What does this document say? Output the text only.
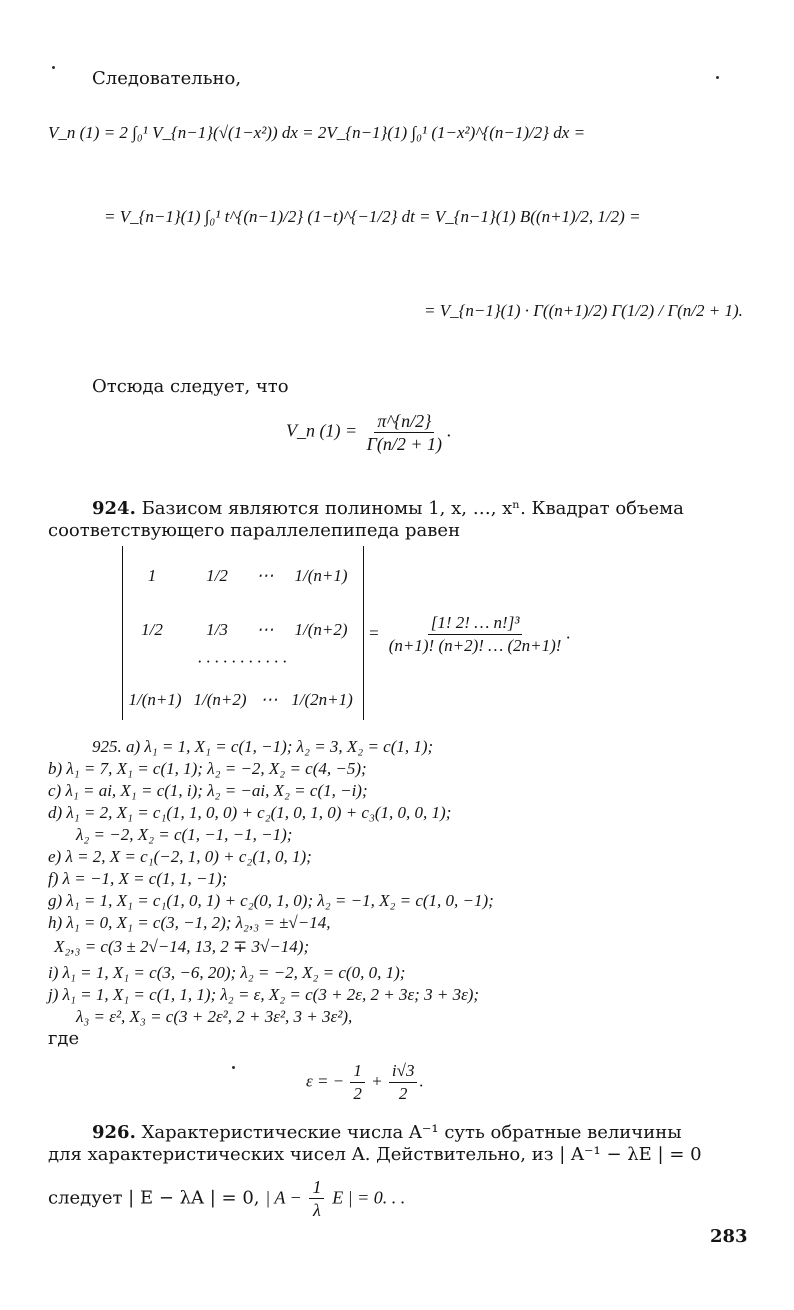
Следовательно,
V_n (1) = 2 ∫₀¹ V_{n−1}(√(1−x²)) dx = 2V_{n−1}(1) ∫₀¹ (1−x²)^{(n−1)/2} dx =
= V_{n−1}(1) ∫₀¹ t^{(n−1)/2} (1−t)^{−1/2} dt = V_{n−1}(1) B((n+1)/2, 1/2) =
= V_{n−1}(1) · Γ((n+1)/2) Γ(1/2) / Γ(n/2 + 1).
Отсюда следует, что
V_n $(1) = \frac{\pi\^{}\{n/2\}}{\Gamma(n/2 + 1)}$ .
924. Базисом являются полиномы 1, x, …, xⁿ. Квадрат объема
соответствующего параллелепипеда равен
1	1/2	⋯	1/(n+1)
1/2	1/3	⋯	1/(n+2)
· · · · · · · · · · ·
1/(n+1) 1/(n+2) ⋯ 1/(2n+1)
= $\frac{\text{[1! 2! … n!]³}}{(n+1)! (n+2)! \dots (2n+1)!}$ .
925. a) λ₁ = 1, X₁ = c(1, −1); λ₂ = 3, X₂ = c(1, 1);
b) λ₁ = 7, X₁ = c(1, 1); λ₂ = −2, X₂ = c(4, −5);
c) λ₁ = ai, X₁ = c(1, i); λ₂ = −ai, X₂ = c(1, −i);
d) λ₁ = 2, X₁ = c₁(1, 1, 0, 0) + c₂(1, 0, 1, 0) + c₃(1, 0, 0, 1);
λ₂ = −2, X₂ = c(1, −1, −1, −1);
e) λ = 2, X = c₁(−2, 1, 0) + c₂(1, 0, 1);
f) λ = −1, X = c(1, 1, −1);
g) λ₁ = 1, X₁ = c₁(1, 0, 1) + c₂(0, 1, 0); λ₂ = −1, X₂ = c(1, 0, −1);
h) λ₁ = 0, X₁ = c(3, −1, 2); λ₂,₃ = ±√−14,
X₂,₃ = c(3 ± 2√−14, 13, 2 ∓ 3√−14);
i) λ₁ = 1, X₁ = c(3, −6, 20); λ₂ = −2, X₂ = c(0, 0, 1);
j) λ₁ = 1, X₁ = c(1, 1, 1); λ₂ = ε, X₂ = c(3 + 2ε, 2 + 3ε; 3 + 3ε);
λ₃ = ε², X₃ = c(3 + 2ε², 2 + 3ε², 3 + 3ε²),
где
ε = − $\frac{1}{2} + \frac{i√3}{2}$ .
926. Характеристические числа A⁻¹ суть обратные величины
для характеристических чисел A. Действительно, из | A⁻¹ − λE | = 0
следует | E − λA | = 0, | $A - \frac{1}{\lambda}$ E | = 0. . .
283
